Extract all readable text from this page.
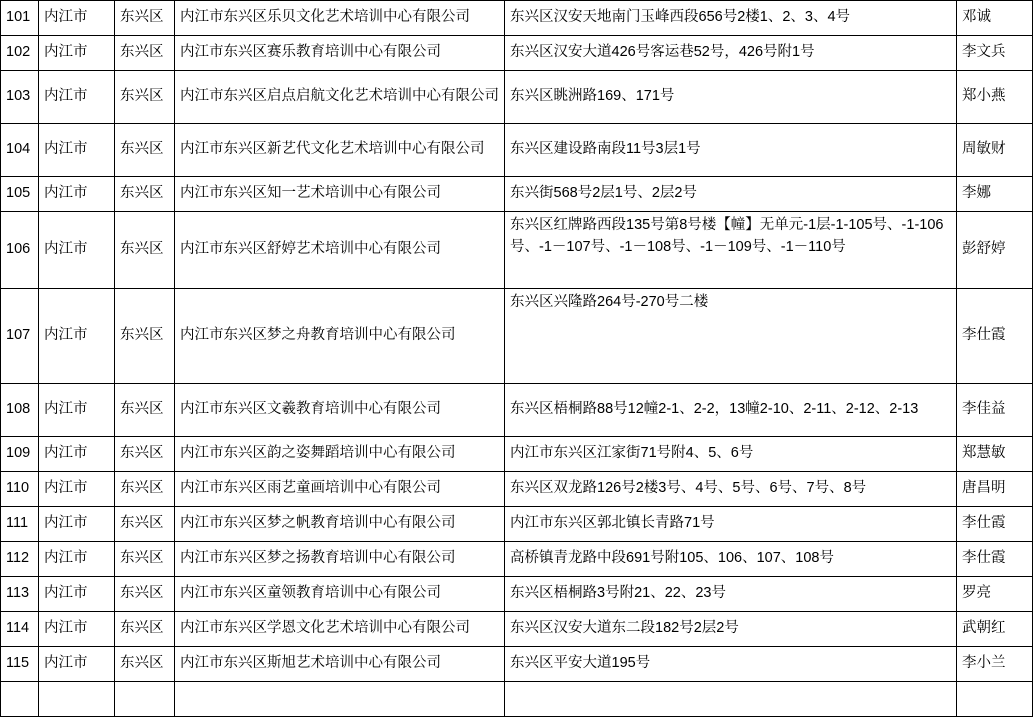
101	内江市	东兴区	内江市东兴区乐贝文化艺术培训中心有限公司	东兴区汉安天地南门玉峰西段656号2楼1、2、3、4号	邓诚
102	内江市	东兴区	内江市东兴区赛乐教育培训中心有限公司	东兴区汉安大道426号客运巷52号，426号附1号	李文兵
103	内江市	东兴区	内江市东兴区启点启航文化艺术培训中心有限公司	东兴区眺洲路169、171号	郑小燕
104	内江市	东兴区	内江市东兴区新艺代文化艺术培训中心有限公司	东兴区建设路南段11号3层1号	周敏财
105	内江市	东兴区	内江市东兴区知一艺术培训中心有限公司	东兴街568号2层1号、2层2号	李娜
106	内江市	东兴区	内江市东兴区舒婷艺术培训中心有限公司	东兴区红牌路西段135号第8号楼【幢】无单元-1层-1-105号、-1-106号、-1－107号、-1－108号、-1－109号、-1－110号	彭舒婷
107	内江市	东兴区	内江市东兴区梦之舟教育培训中心有限公司	东兴区兴隆路264号-270号二楼	李仕霞
108	内江市	东兴区	内江市东兴区文羲教育培训中心有限公司	东兴区梧桐路88号12幢2-1、2-2，13幢2-10、2-11、2-12、2-13	李佳益
109	内江市	东兴区	内江市东兴区韵之姿舞蹈培训中心有限公司	内江市东兴区江家街71号附4、5、6号	郑慧敏
110	内江市	东兴区	内江市东兴区雨艺童画培训中心有限公司	东兴区双龙路126号2楼3号、4号、5号、6号、7号、8号	唐昌明
111	内江市	东兴区	内江市东兴区梦之帆教育培训中心有限公司	内江市东兴区郭北镇长青路71号	李仕霞
112	内江市	东兴区	内江市东兴区梦之扬教育培训中心有限公司	高桥镇青龙路中段691号附105、106、107、108号	李仕霞
113	内江市	东兴区	内江市东兴区童领教育培训中心有限公司	东兴区梧桐路3号附21、22、23号	罗亮
114	内江市	东兴区	内江市东兴区学恩文化艺术培训中心有限公司	东兴区汉安大道东二段182号2层2号	武朝红
115	内江市	东兴区	内江市东兴区斯旭艺术培训中心有限公司	东兴区平安大道195号	李小兰
